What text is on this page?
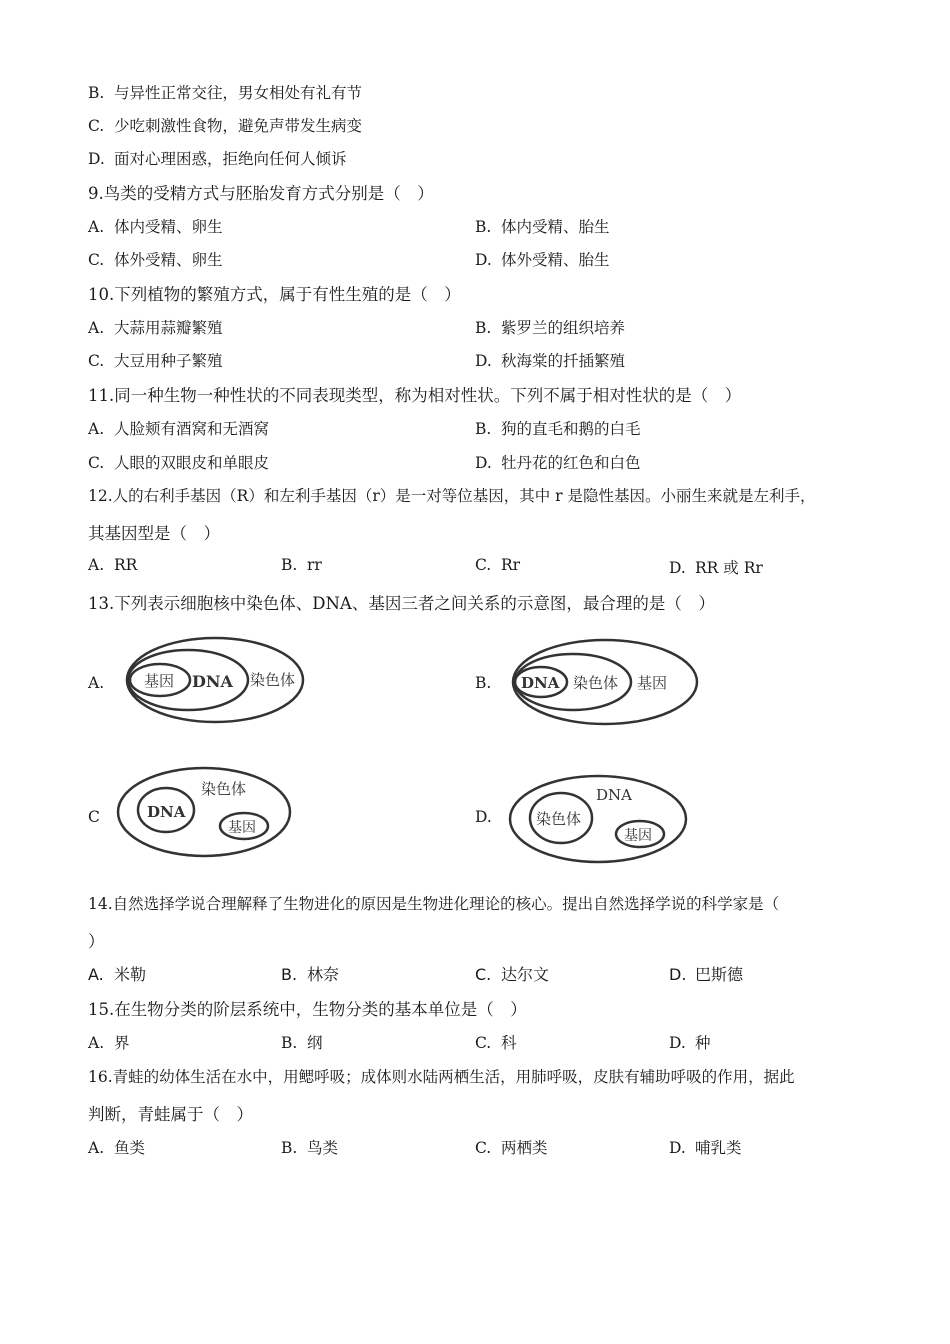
B. 与异性正常交往，男女相处有礼有节
C. 少吃刺激性食物，避免声带发生病变
D. 面对心理困惑，拒绝向任何人倾诉
9.鸟类的受精方式与胚胎发育方式分别是（　）
A. 体内受精、卵生	B. 体内受精、胎生
C. 体外受精、卵生	D. 体外受精、胎生
10.下列植物的繁殖方式，属于有性生殖的是（　）
A. 大蒜用蒜瓣繁殖	B. 紫罗兰的组织培养
C. 大豆用种子繁殖	D. 秋海棠的扦插繁殖
11.同一种生物一种性状的不同表现类型，称为相对性状。下列不属于相对性状的是（　）
A. 人脸颊有酒窝和无酒窝	B. 狗的直毛和鹅的白毛
C. 人眼的双眼皮和单眼皮	D. 牡丹花的红色和白色
12.人的右利手基因（R）和左利手基因（r）是一对等位基因，其中 r 是隐性基因。小丽生来就是左利手，
其基因型是（　）
A. RR	B. rr	C. Rr	D. RR 或 Rr
13.下列表示细胞核中染色体、DNA、基因三者之间关系的示意图，最合理的是（　）
A.	基因 DNA 染色体	B. DNA 染色体 基因
C
染色体
DNA
基因
D.
DNA
染色体
基因
14.自然选择学说合理解释了生物进化的原因是生物进化理论的核心。提出自然选择学说的科学家是（
）
A. 米勒	B. 林奈	C. 达尔文	D. 巴斯德
15.在生物分类的阶层系统中，生物分类的基本单位是（　）
A. 界	B. 纲	C. 科	D. 种
16.青蛙的幼体生活在水中，用鳃呼吸；成体则水陆两栖生活，用肺呼吸，皮肤有辅助呼吸的作用，据此
判断，青蛙属于（　）
A. 鱼类	B. 鸟类	C. 两栖类	D. 哺乳类
